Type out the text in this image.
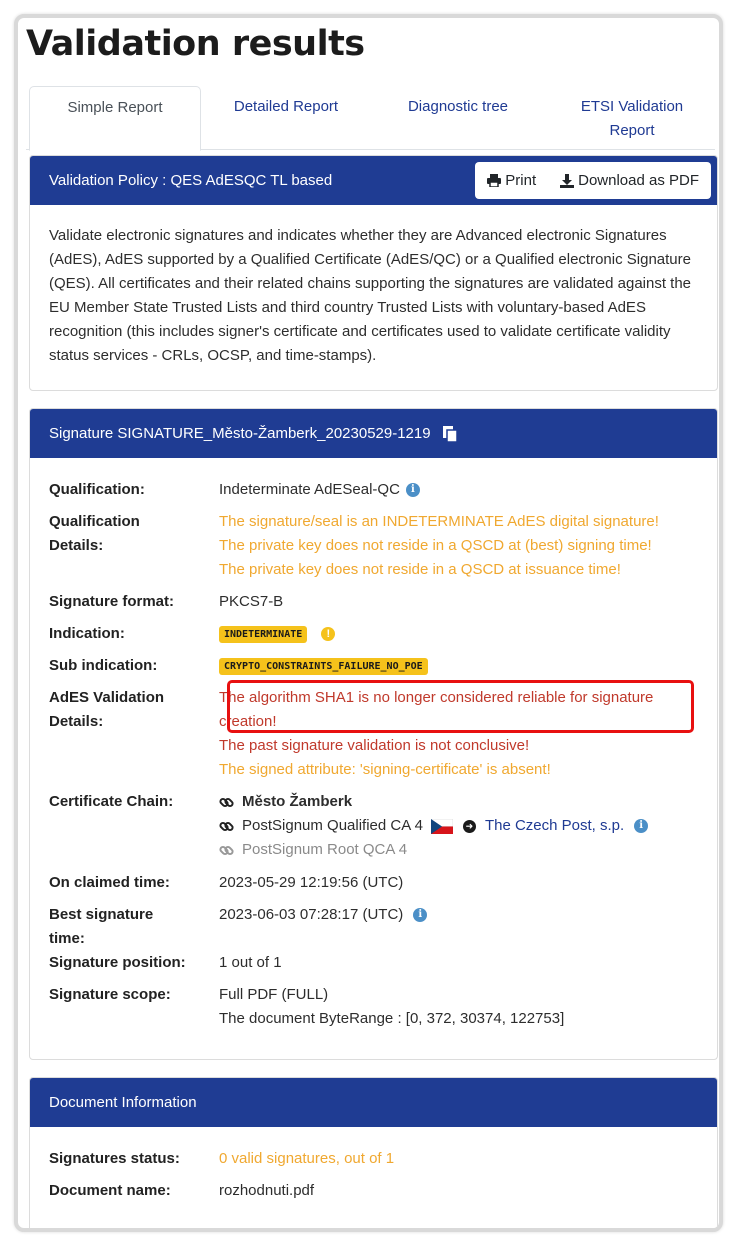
Validation results
Simple Report	Detailed Report	Diagnostic tree	ETSI Validation Report
Validation Policy : QES AdESQC TL based	Print	Download as PDF
Validate electronic signatures and indicates whether they are Advanced electronic Signatures (AdES), AdES supported by a Qualified Certificate (AdES/QC) or a Qualified electronic Signature (QES). All certificates and their related chains supporting the signatures are validated against the EU Member State Trusted Lists and third country Trusted Lists with voluntary-based AdES recognition (this includes signer's certificate and certificates used to validate certificate validity status services - CRLs, OCSP, and time-stamps).
Signature SIGNATURE_Město-Žamberk_20230529-1219
Qualification:	Indeterminate AdESeal-QC i
Qualification
Details:
The signature/seal is an INDETERMINATE AdES digital signature!
The private key does not reside in a QSCD at (best) signing time!
The private key does not reside in a QSCD at issuance time!
Signature format:	PKCS7-B
Indication:	INDETERMINATE !
Sub indication:	CRYPTO_CONSTRAINTS_FAILURE_NO_POE
AdES Validation
Details:
The algorithm SHA1 is no longer considered reliable for signature
creation!
The past signature validation is not conclusive!
The signed attribute: 'signing-certificate' is absent!
Certificate Chain:	Město Žamberk
PostSignum Qualified CA 4	➜ The Czech Post, s.p.	i
PostSignum Root QCA 4
On claimed time:	2023-05-29 12:19:56 (UTC)
Best signature
time:
2023-06-03 07:28:17 (UTC) i
Signature position:	1 out of 1
Signature scope:	Full PDF (FULL)
The document ByteRange : [0, 372, 30374, 122753]
Document Information
Signatures status:	0 valid signatures, out of 1
Document name:	rozhodnuti.pdf
